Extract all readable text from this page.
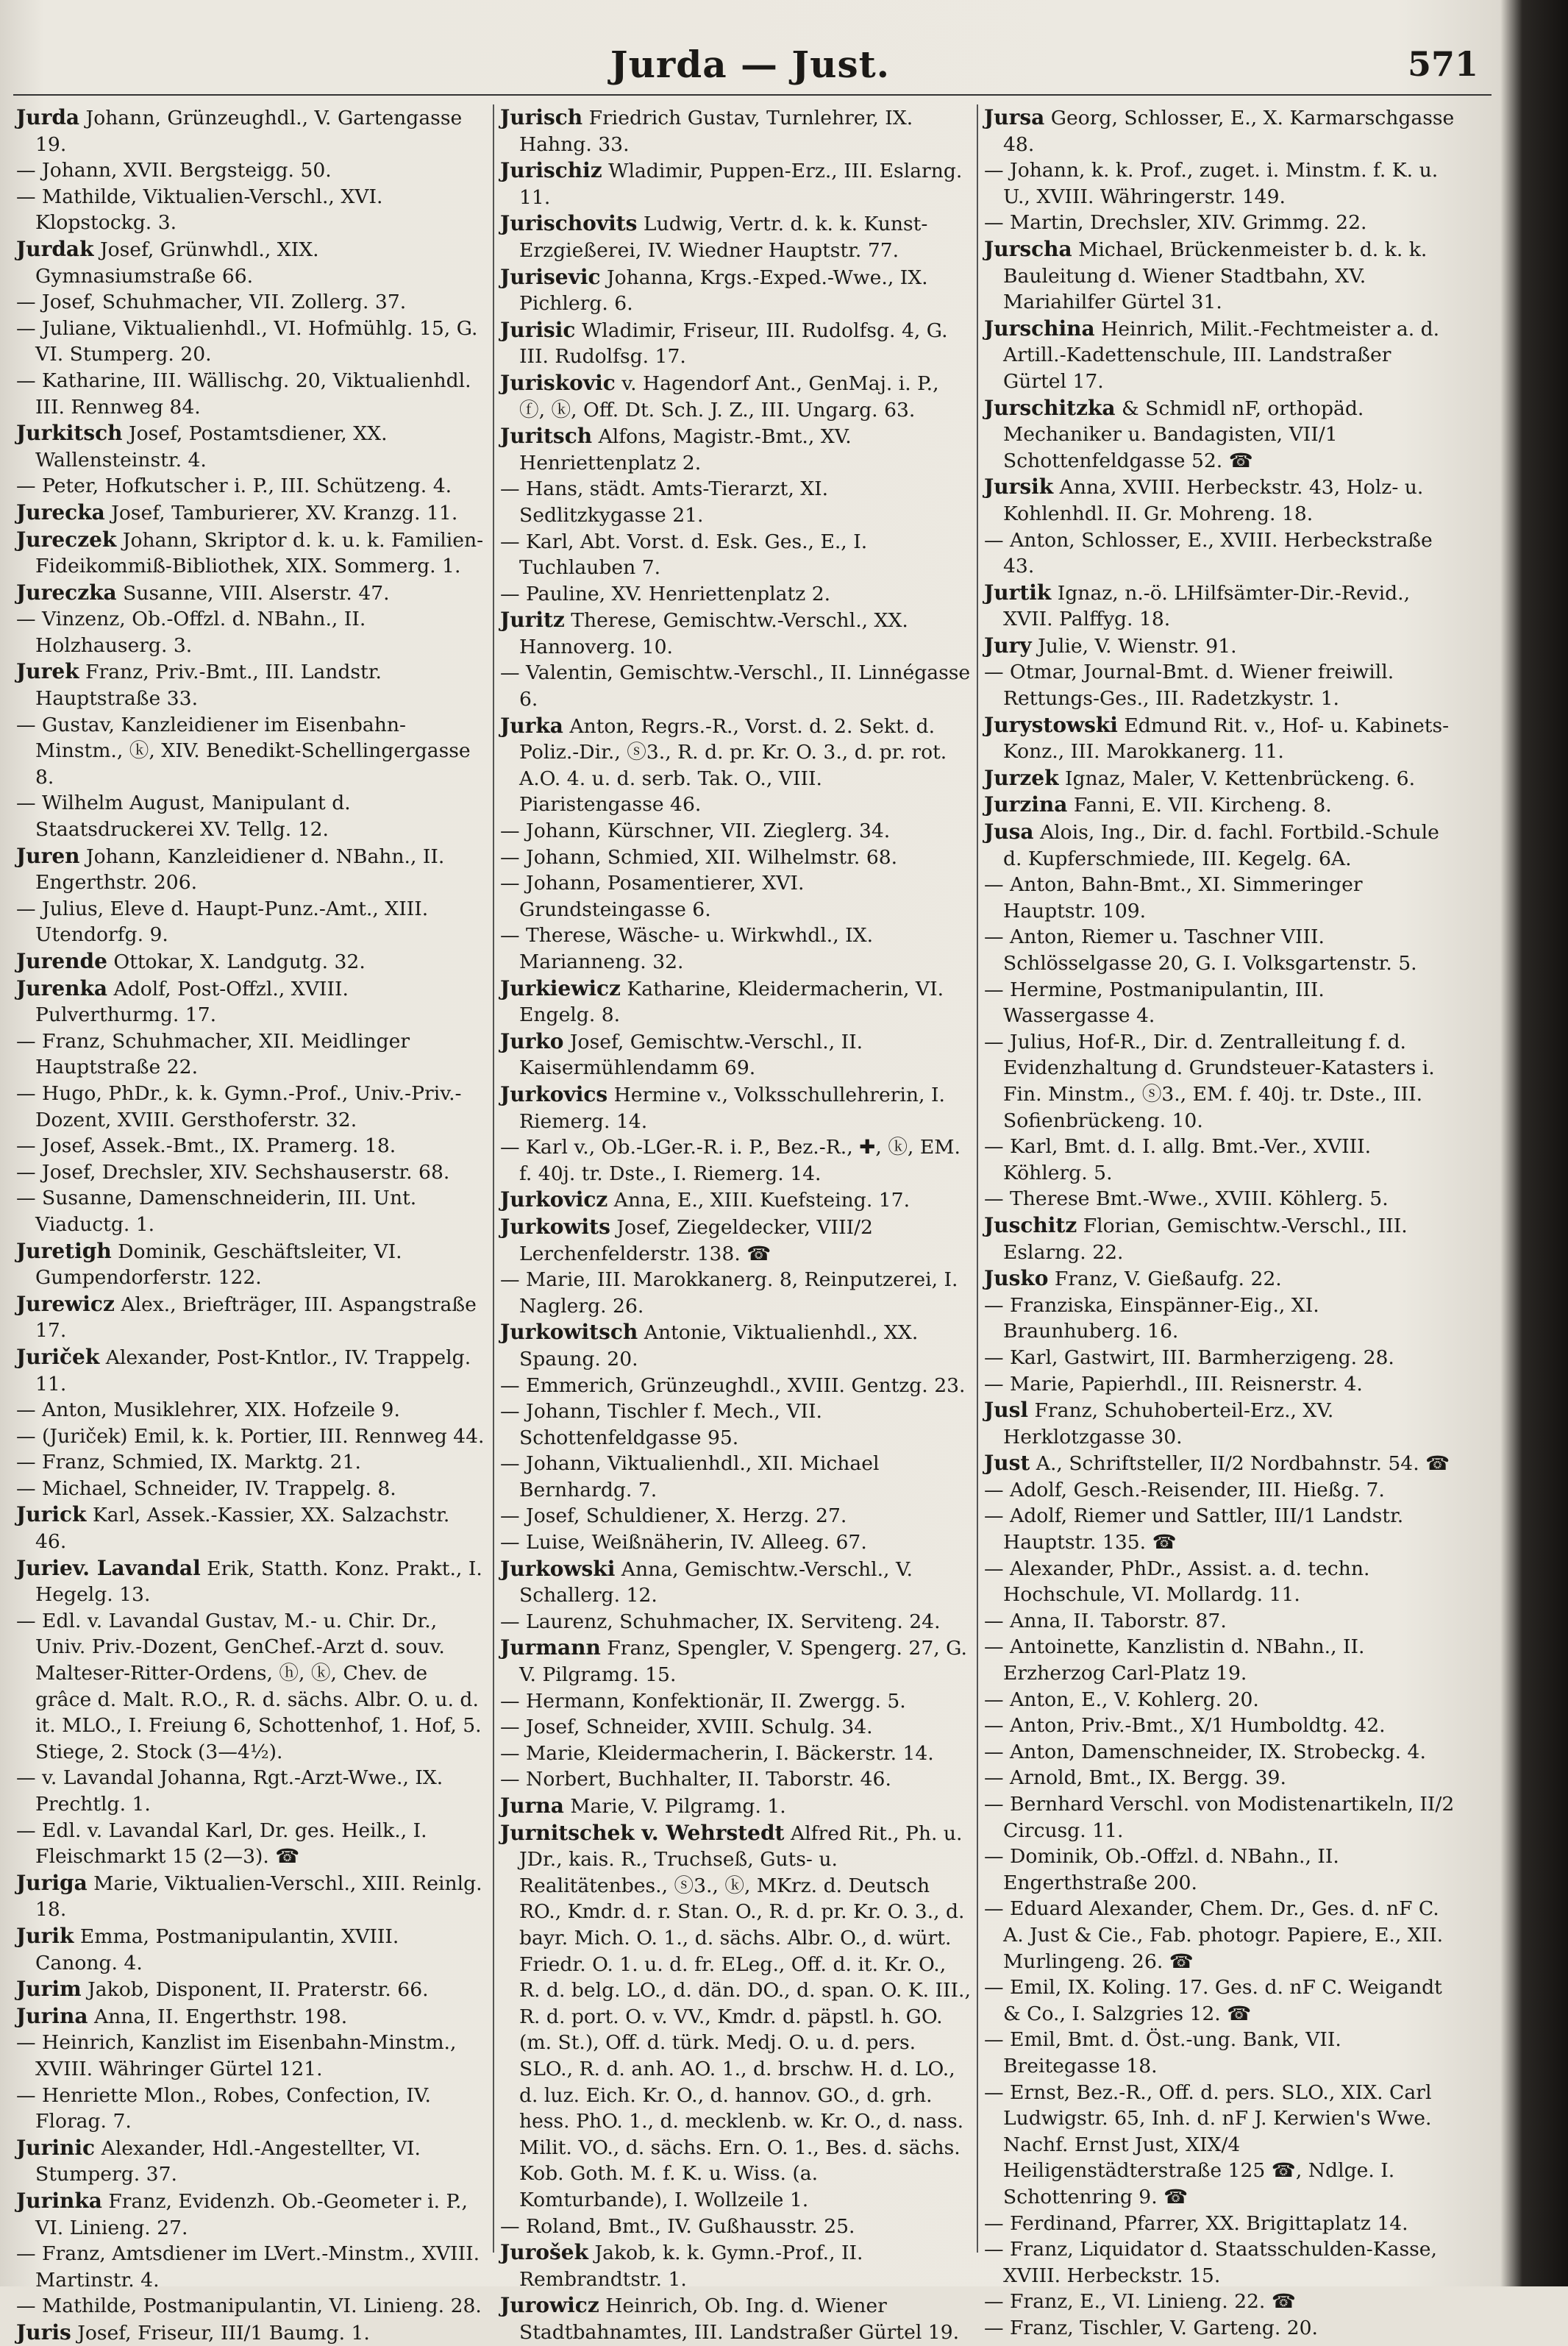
Jurda — Just.	571

Jurda Johann, Grünzeughdl., V. Gartengasse 19.

— Johann, XVII. Bergsteigg. 50.

— Mathilde, Viktualien-Verschl., XVI. Klopstockg. 3.

Jurdak Josef, Grünwhdl., XIX. Gymnasiumstraße 66.

— Josef, Schuhmacher, VII. Zollerg. 37.

— Juliane, Viktualienhdl., VI. Hofmühlg. 15, G. VI. Stumperg. 20.

— Katharine, III. Wällischg. 20, Viktualienhdl. III. Rennweg 84.

Jurkitsch Josef, Postamtsdiener, XX. Wallensteinstr. 4.

— Peter, Hofkutscher i. P., III. Schützeng. 4.

Jurecka Josef, Tamburierer, XV. Kranzg. 11.

Jureczek Johann, Skriptor d. k. u. k. Familien-Fideikommiß-Bibliothek, XIX. Sommerg. 1.

Jureczka Susanne, VIII. Alserstr. 47.

— Vinzenz, Ob.-Offzl. d. NBahn., II. Holzhauserg. 3.

Jurek Franz, Priv.-Bmt., III. Landstr. Hauptstraße 33.

— Gustav, Kanzleidiener im Eisenbahn-Minstm., ⓚ, XIV. Benedikt-Schellingergasse 8.

— Wilhelm August, Manipulant d. Staatsdruckerei XV. Tellg. 12.

Juren Johann, Kanzleidiener d. NBahn., II. Engerthstr. 206.

— Julius, Eleve d. Haupt-Punz.-Amt., XIII. Utendorfg. 9.

Jurende Ottokar, X. Landgutg. 32.

Jurenka Adolf, Post-Offzl., XVIII. Pulverthurmg. 17.

— Franz, Schuhmacher, XII. Meidlinger Hauptstraße 22.

— Hugo, PhDr., k. k. Gymn.-Prof., Univ.-Priv.-Dozent, XVIII. Gersthoferstr. 32.

— Josef, Assek.-Bmt., IX. Pramerg. 18.

— Josef, Drechsler, XIV. Sechshauserstr. 68.

— Susanne, Damenschneiderin, III. Unt. Viaductg. 1.

Juretigh Dominik, Geschäftsleiter, VI. Gumpendorferstr. 122.

Jurewicz Alex., Briefträger, III. Aspangstraße 17.

Juriček Alexander, Post-Kntlor., IV. Trappelg. 11.

— Anton, Musiklehrer, XIX. Hofzeile 9.

— (Juriček) Emil, k. k. Portier, III. Rennweg 44.

— Franz, Schmied, IX. Marktg. 21.

— Michael, Schneider, IV. Trappelg. 8.

Jurick Karl, Assek.-Kassier, XX. Salzachstr. 46.

Juriev. Lavandal Erik, Statth. Konz. Prakt., I. Hegelg. 13.

— Edl. v. Lavandal Gustav, M.- u. Chir. Dr., Univ. Priv.-Dozent, GenChef.-Arzt d. souv. Malteser-Ritter-Ordens, ⓗ, ⓚ, Chev. de grâce d. Malt. R.O., R. d. sächs. Albr. O. u. d. it. MLO., I. Freiung 6, Schottenhof, 1. Hof, 5. Stiege, 2. Stock (3—4½).

— v. Lavandal Johanna, Rgt.-Arzt-Wwe., IX. Prechtlg. 1.

— Edl. v. Lavandal Karl, Dr. ges. Heilk., I. Fleischmarkt 15 (2—3). ☎

Juriga Marie, Viktualien-Verschl., XIII. Reinlg. 18.

Jurik Emma, Postmanipulantin, XVIII. Canong. 4.

Jurim Jakob, Disponent, II. Praterstr. 66.

Jurina Anna, II. Engerthstr. 198.

— Heinrich, Kanzlist im Eisenbahn-Minstm., XVIII. Währinger Gürtel 121.

— Henriette Mlon., Robes, Confection, IV. Florag. 7.

Jurinic Alexander, Hdl.-Angestellter, VI. Stumperg. 37.

Jurinka Franz, Evidenzh. Ob.-Geometer i. P., VI. Linieng. 27.

— Franz, Amtsdiener im LVert.-Minstm., XVIII. Martinstr. 4.

— Mathilde, Postmanipulantin, VI. Linieng. 28.

Juris Josef, Friseur, III/1 Baumg. 1.

Jurisch Friedrich Gustav, Turnlehrer, IX. Hahng. 33.

Jurischiz Wladimir, Puppen-Erz., III. Eslarng. 11.

Jurischovits Ludwig, Vertr. d. k. k. Kunst-Erzgießerei, IV. Wiedner Hauptstr. 77.

Jurisevic Johanna, Krgs.-Exped.-Wwe., IX. Pichlerg. 6.

Jurisic Wladimir, Friseur, III. Rudolfsg. 4, G. III. Rudolfsg. 17.

Juriskovic v. Hagendorf Ant., GenMaj. i. P., ⓕ, ⓚ, Off. Dt. Sch. J. Z., III. Ungarg. 63.

Juritsch Alfons, Magistr.-Bmt., XV. Henriettenplatz 2.

— Hans, städt. Amts-Tierarzt, XI. Sedlitzkygasse 21.

— Karl, Abt. Vorst. d. Esk. Ges., E., I. Tuchlauben 7.

— Pauline, XV. Henriettenplatz 2.

Juritz Therese, Gemischtw.-Verschl., XX. Hannoverg. 10.

— Valentin, Gemischtw.-Verschl., II. Linnégasse 6.

Jurka Anton, Regrs.-R., Vorst. d. 2. Sekt. d. Poliz.-Dir., ⓢ3., R. d. pr. Kr. O. 3., d. pr. rot. A.O. 4. u. d. serb. Tak. O., VIII. Piaristengasse 46.

— Johann, Kürschner, VII. Zieglerg. 34.

— Johann, Schmied, XII. Wilhelmstr. 68.

— Johann, Posamentierer, XVI. Grundsteingasse 6.

— Therese, Wäsche- u. Wirkwhdl., IX. Marianneng. 32.

Jurkiewicz Katharine, Kleidermacherin, VI. Engelg. 8.

Jurko Josef, Gemischtw.-Verschl., II. Kaisermühlendamm 69.

Jurkovics Hermine v., Volksschullehrerin, I. Riemerg. 14.

— Karl v., Ob.-LGer.-R. i. P., Bez.-R., ✚, ⓚ, EM. f. 40j. tr. Dste., I. Riemerg. 14.

Jurkovicz Anna, E., XIII. Kuefsteing. 17.

Jurkowits Josef, Ziegeldecker, VIII/2 Lerchenfelderstr. 138. ☎

— Marie, III. Marokkanerg. 8, Reinputzerei, I. Naglerg. 26.

Jurkowitsch Antonie, Viktualienhdl., XX. Spaung. 20.

— Emmerich, Grünzeughdl., XVIII. Gentzg. 23.

— Johann, Tischler f. Mech., VII. Schottenfeldgasse 95.

— Johann, Viktualienhdl., XII. Michael Bernhardg. 7.

— Josef, Schuldiener, X. Herzg. 27.

— Luise, Weißnäherin, IV. Alleeg. 67.

Jurkowski Anna, Gemischtw.-Verschl., V. Schallerg. 12.

— Laurenz, Schuhmacher, IX. Serviteng. 24.

Jurmann Franz, Spengler, V. Spengerg. 27, G. V. Pilgramg. 15.

— Hermann, Konfektionär, II. Zwergg. 5.

— Josef, Schneider, XVIII. Schulg. 34.

— Marie, Kleidermacherin, I. Bäckerstr. 14.

— Norbert, Buchhalter, II. Taborstr. 46.

Jurna Marie, V. Pilgramg. 1.

Jurnitschek v. Wehrstedt Alfred Rit., Ph. u. JDr., kais. R., Truchseß, Guts- u. Realitätenbes., ⓢ3., ⓚ, MKrz. d. Deutsch RO., Kmdr. d. r. Stan. O., R. d. pr. Kr. O. 3., d. bayr. Mich. O. 1., d. sächs. Albr. O., d. würt. Friedr. O. 1. u. d. fr. ELeg., Off. d. it. Kr. O., R. d. belg. LO., d. dän. DO., d. span. O. K. III., R. d. port. O. v. VV., Kmdr. d. päpstl. h. GO. (m. St.), Off. d. türk. Medj. O. u. d. pers. SLO., R. d. anh. AO. 1., d. brschw. H. d. LO., d. luz. Eich. Kr. O., d. hannov. GO., d. grh. hess. PhO. 1., d. mecklenb. w. Kr. O., d. nass. Milit. VO., d. sächs. Ern. O. 1., Bes. d. sächs. Kob. Goth. M. f. K. u. Wiss. (a. Komturbande), I. Wollzeile 1.

— Roland, Bmt., IV. Gußhausstr. 25.

Jurošek Jakob, k. k. Gymn.-Prof., II. Rembrandtstr. 1.

Jurowicz Heinrich, Ob. Ing. d. Wiener Stadtbahnamtes, III. Landstraßer Gürtel 19.

Jursa Georg, Schlosser, E., X. Karmarschgasse 48.

— Johann, k. k. Prof., zuget. i. Minstm. f. K. u. U., XVIII. Währingerstr. 149.

— Martin, Drechsler, XIV. Grimmg. 22.

Jurscha Michael, Brückenmeister b. d. k. k. Bauleitung d. Wiener Stadtbahn, XV. Mariahilfer Gürtel 31.

Jurschina Heinrich, Milit.-Fechtmeister a. d. Artill.-Kadettenschule, III. Landstraßer Gürtel 17.

Jurschitzka & Schmidl nF, orthopäd. Mechaniker u. Bandagisten, VII/1 Schottenfeldgasse 52. ☎

Jursik Anna, XVIII. Herbeckstr. 43, Holz- u. Kohlenhdl. II. Gr. Mohreng. 18.

— Anton, Schlosser, E., XVIII. Herbeckstraße 43.

Jurtik Ignaz, n.-ö. LHilfsämter-Dir.-Revid., XVII. Palffyg. 18.

Jury Julie, V. Wienstr. 91.

— Otmar, Journal-Bmt. d. Wiener freiwill. Rettungs-Ges., III. Radetzkystr. 1.

Jurystowski Edmund Rit. v., Hof- u. Kabinets-Konz., III. Marokkanerg. 11.

Jurzek Ignaz, Maler, V. Kettenbrückeng. 6.

Jurzina Fanni, E. VII. Kircheng. 8.

Jusa Alois, Ing., Dir. d. fachl. Fortbild.-Schule d. Kupferschmiede, III. Kegelg. 6A.

— Anton, Bahn-Bmt., XI. Simmeringer Hauptstr. 109.

— Anton, Riemer u. Taschner VIII. Schlösselgasse 20, G. I. Volksgartenstr. 5.

— Hermine, Postmanipulantin, III. Wassergasse 4.

— Julius, Hof-R., Dir. d. Zentralleitung f. d. Evidenzhaltung d. Grundsteuer-Katasters i. Fin. Minstm., ⓢ3., EM. f. 40j. tr. Dste., III. Sofienbrückeng. 10.

— Karl, Bmt. d. I. allg. Bmt.-Ver., XVIII. Köhlerg. 5.

— Therese Bmt.-Wwe., XVIII. Köhlerg. 5.

Juschitz Florian, Gemischtw.-Verschl., III. Eslarng. 22.

Jusko Franz, V. Gießaufg. 22.

— Franziska, Einspänner-Eig., XI. Braunhuberg. 16.

— Karl, Gastwirt, III. Barmherzigeng. 28.

— Marie, Papierhdl., III. Reisnerstr. 4.

Jusl Franz, Schuhoberteil-Erz., XV. Herklotzgasse 30.

Just A., Schriftsteller, II/2 Nordbahnstr. 54. ☎

— Adolf, Gesch.-Reisender, III. Hießg. 7.

— Adolf, Riemer und Sattler, III/1 Landstr. Hauptstr. 135. ☎

— Alexander, PhDr., Assist. a. d. techn. Hochschule, VI. Mollardg. 11.

— Anna, II. Taborstr. 87.

— Antoinette, Kanzlistin d. NBahn., II. Erzherzog Carl-Platz 19.

— Anton, E., V. Kohlerg. 20.

— Anton, Priv.-Bmt., X/1 Humboldtg. 42.

— Anton, Damenschneider, IX. Strobeckg. 4.

— Arnold, Bmt., IX. Bergg. 39.

— Bernhard Verschl. von Modistenartikeln, II/2 Circusg. 11.

— Dominik, Ob.-Offzl. d. NBahn., II. Engerthstraße 200.

— Eduard Alexander, Chem. Dr., Ges. d. nF C. A. Just & Cie., Fab. photogr. Papiere, E., XII. Murlingeng. 26. ☎

— Emil, IX. Koling. 17. Ges. d. nF C. Weigandt & Co., I. Salzgries 12. ☎

— Emil, Bmt. d. Öst.-ung. Bank, VII. Breitegasse 18.

— Ernst, Bez.-R., Off. d. pers. SLO., XIX. Carl Ludwigstr. 65, Inh. d. nF J. Kerwien's Wwe. Nachf. Ernst Just, XIX/4 Heiligenstädterstraße 125 ☎, Ndlge. I. Schottenring 9. ☎

— Ferdinand, Pfarrer, XX. Brigittaplatz 14.

— Franz, Liquidator d. Staatsschulden-Kasse, XVIII. Herbeckstr. 15.

— Franz, E., VI. Linieng. 22. ☎

— Franz, Tischler, V. Garteng. 20.
